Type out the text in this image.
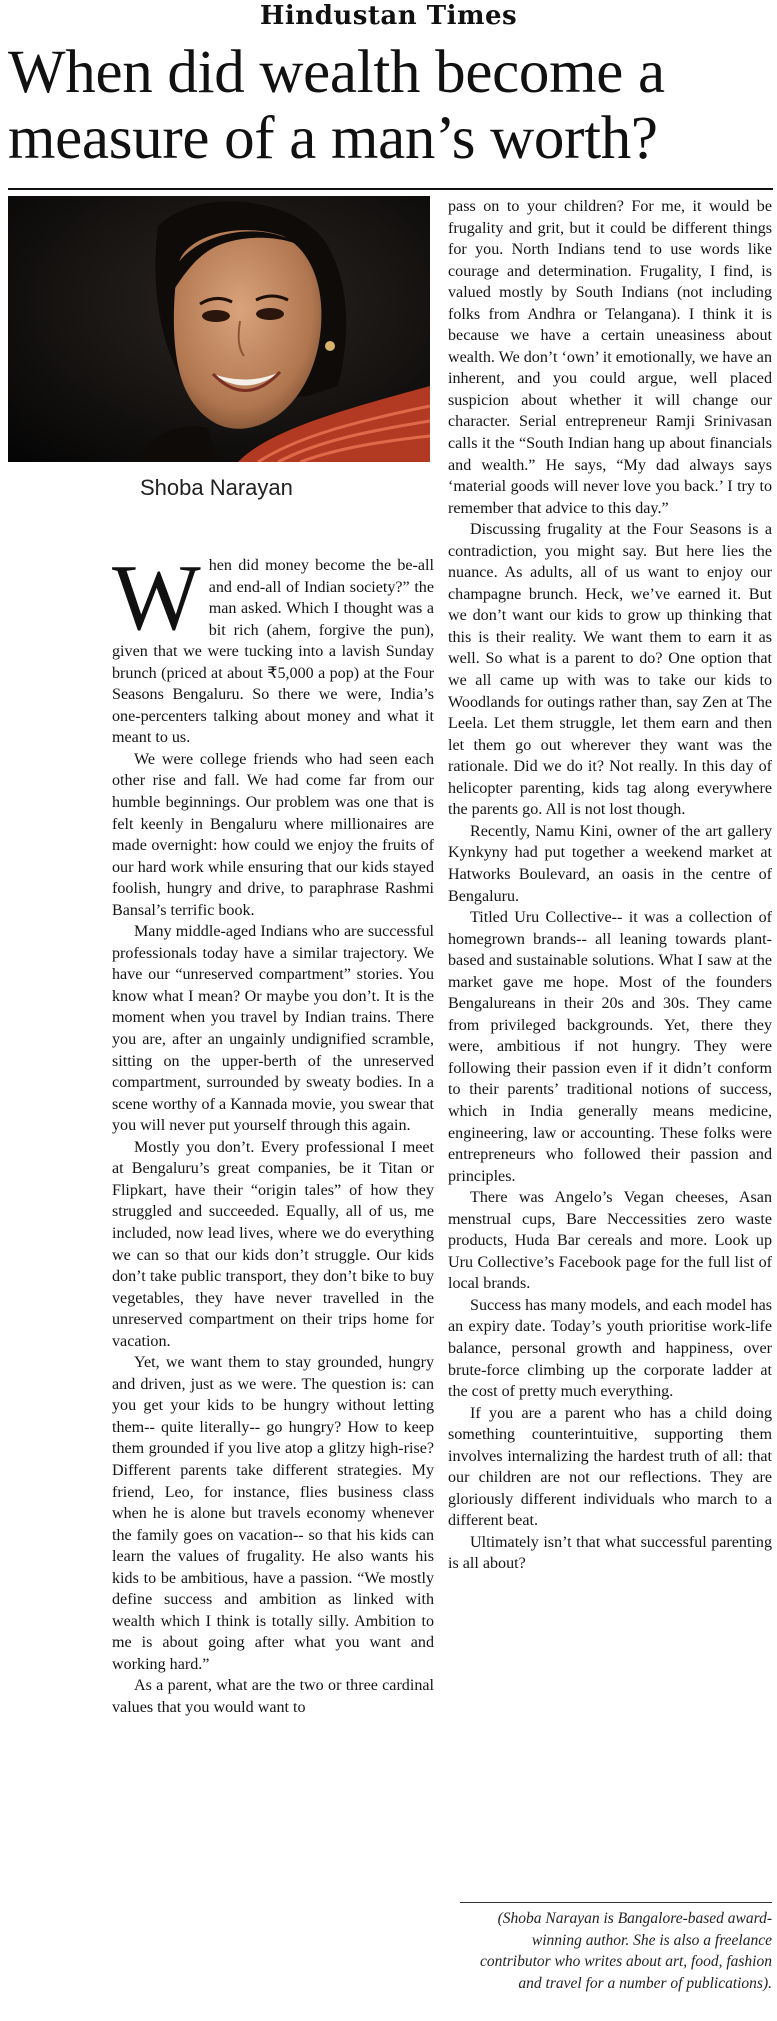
Hindustan Times
When did wealth become a measure of a man’s worth?
Shoba Narayan

When did money become the be-all and end-all of Indian society?” the man asked. Which I thought was a bit rich (ahem, forgive the pun), given that we were tucking into a lavish Sunday brunch (priced at about ₹5,000 a pop) at the Four Seasons Bengaluru. So there we were, India’s one-percenters talking about money and what it meant to us.

We were college friends who had seen each other rise and fall. We had come far from our humble beginnings. Our problem was one that is felt keenly in Bengaluru where millionaires are made overnight: how could we enjoy the fruits of our hard work while ensuring that our kids stayed foolish, hungry and drive, to paraphrase Rashmi Bansal’s terrific book.

Many middle-aged Indians who are successful professionals today have a similar trajectory. We have our “unreserved compartment” stories. You know what I mean? Or maybe you don’t. It is the moment when you travel by Indian trains. There you are, after an ungainly undignified scramble, sitting on the upper-berth of the unreserved compartment, surrounded by sweaty bodies. In a scene worthy of a Kannada movie, you swear that you will never put yourself through this again.

Mostly you don’t. Every professional I meet at Bengaluru’s great companies, be it Titan or Flipkart, have their “origin tales” of how they struggled and succeeded. Equally, all of us, me included, now lead lives, where we do everything we can so that our kids don’t struggle. Our kids don’t take public transport, they don’t bike to buy vegetables, they have never travelled in the unreserved compartment on their trips home for vacation.

Yet, we want them to stay grounded, hungry and driven, just as we were. The question is: can you get your kids to be hungry without letting them-- quite literally-- go hungry? How to keep them grounded if you live atop a glitzy high-rise? Different parents take different strategies. My friend, Leo, for instance, flies business class when he is alone but travels economy whenever the family goes on vacation-- so that his kids can learn the values of frugality. He also wants his kids to be ambitious, have a passion. “We mostly define success and ambition as linked with wealth which I think is totally silly. Ambition to me is about going after what you want and working hard.”

As a parent, what are the two or three cardinal values that you would want to

pass on to your children? For me, it would be frugality and grit, but it could be different things for you. North Indians tend to use words like courage and determination. Frugality, I find, is valued mostly by South Indians (not including folks from Andhra or Telangana). I think it is because we have a certain uneasiness about wealth. We don’t ‘own’ it emotionally, we have an inherent, and you could argue, well placed suspicion about whether it will change our character. Serial entrepreneur Ramji Srinivasan calls it the “South Indian hang up about financials and wealth.” He says, “My dad always says ‘material goods will never love you back.’ I try to remember that advice to this day.”

Discussing frugality at the Four Seasons is a contradiction, you might say. But here lies the nuance. As adults, all of us want to enjoy our champagne brunch. Heck, we’ve earned it. But we don’t want our kids to grow up thinking that this is their reality. We want them to earn it as well. So what is a parent to do? One option that we all came up with was to take our kids to Woodlands for outings rather than, say Zen at The Leela. Let them struggle, let them earn and then let them go out wherever they want was the rationale. Did we do it? Not really. In this day of helicopter parenting, kids tag along everywhere the parents go. All is not lost though.

Recently, Namu Kini, owner of the art gallery Kynkyny had put together a weekend market at Hatworks Boulevard, an oasis in the centre of Bengaluru.

Titled Uru Collective-- it was a collection of homegrown brands-- all leaning towards plant-based and sustainable solutions. What I saw at the market gave me hope. Most of the founders Bengalureans in their 20s and 30s. They came from privileged backgrounds. Yet, there they were, ambitious if not hungry. They were following their passion even if it didn’t conform to their parents’ traditional notions of success, which in India generally means medicine, engineering, law or accounting. These folks were entrepreneurs who followed their passion and principles.

There was Angelo’s Vegan cheeses, Asan menstrual cups, Bare Neccessities zero waste products, Huda Bar cereals and more. Look up Uru Collective’s Facebook page for the full list of local brands.

Success has many models, and each model has an expiry date. Today’s youth prioritise work-life balance, personal growth and happiness, over brute-force climbing up the corporate ladder at the cost of pretty much everything.

If you are a parent who has a child doing something counterintuitive, supporting them involves internalizing the hardest truth of all: that our children are not our reflections. They are gloriously different individuals who march to a different beat.

Ultimately isn’t that what successful parenting is all about?

(Shoba Narayan is Bangalore-based award-winning author. She is also a freelance contributor who writes about art, food, fashion and travel for a number of publications).
